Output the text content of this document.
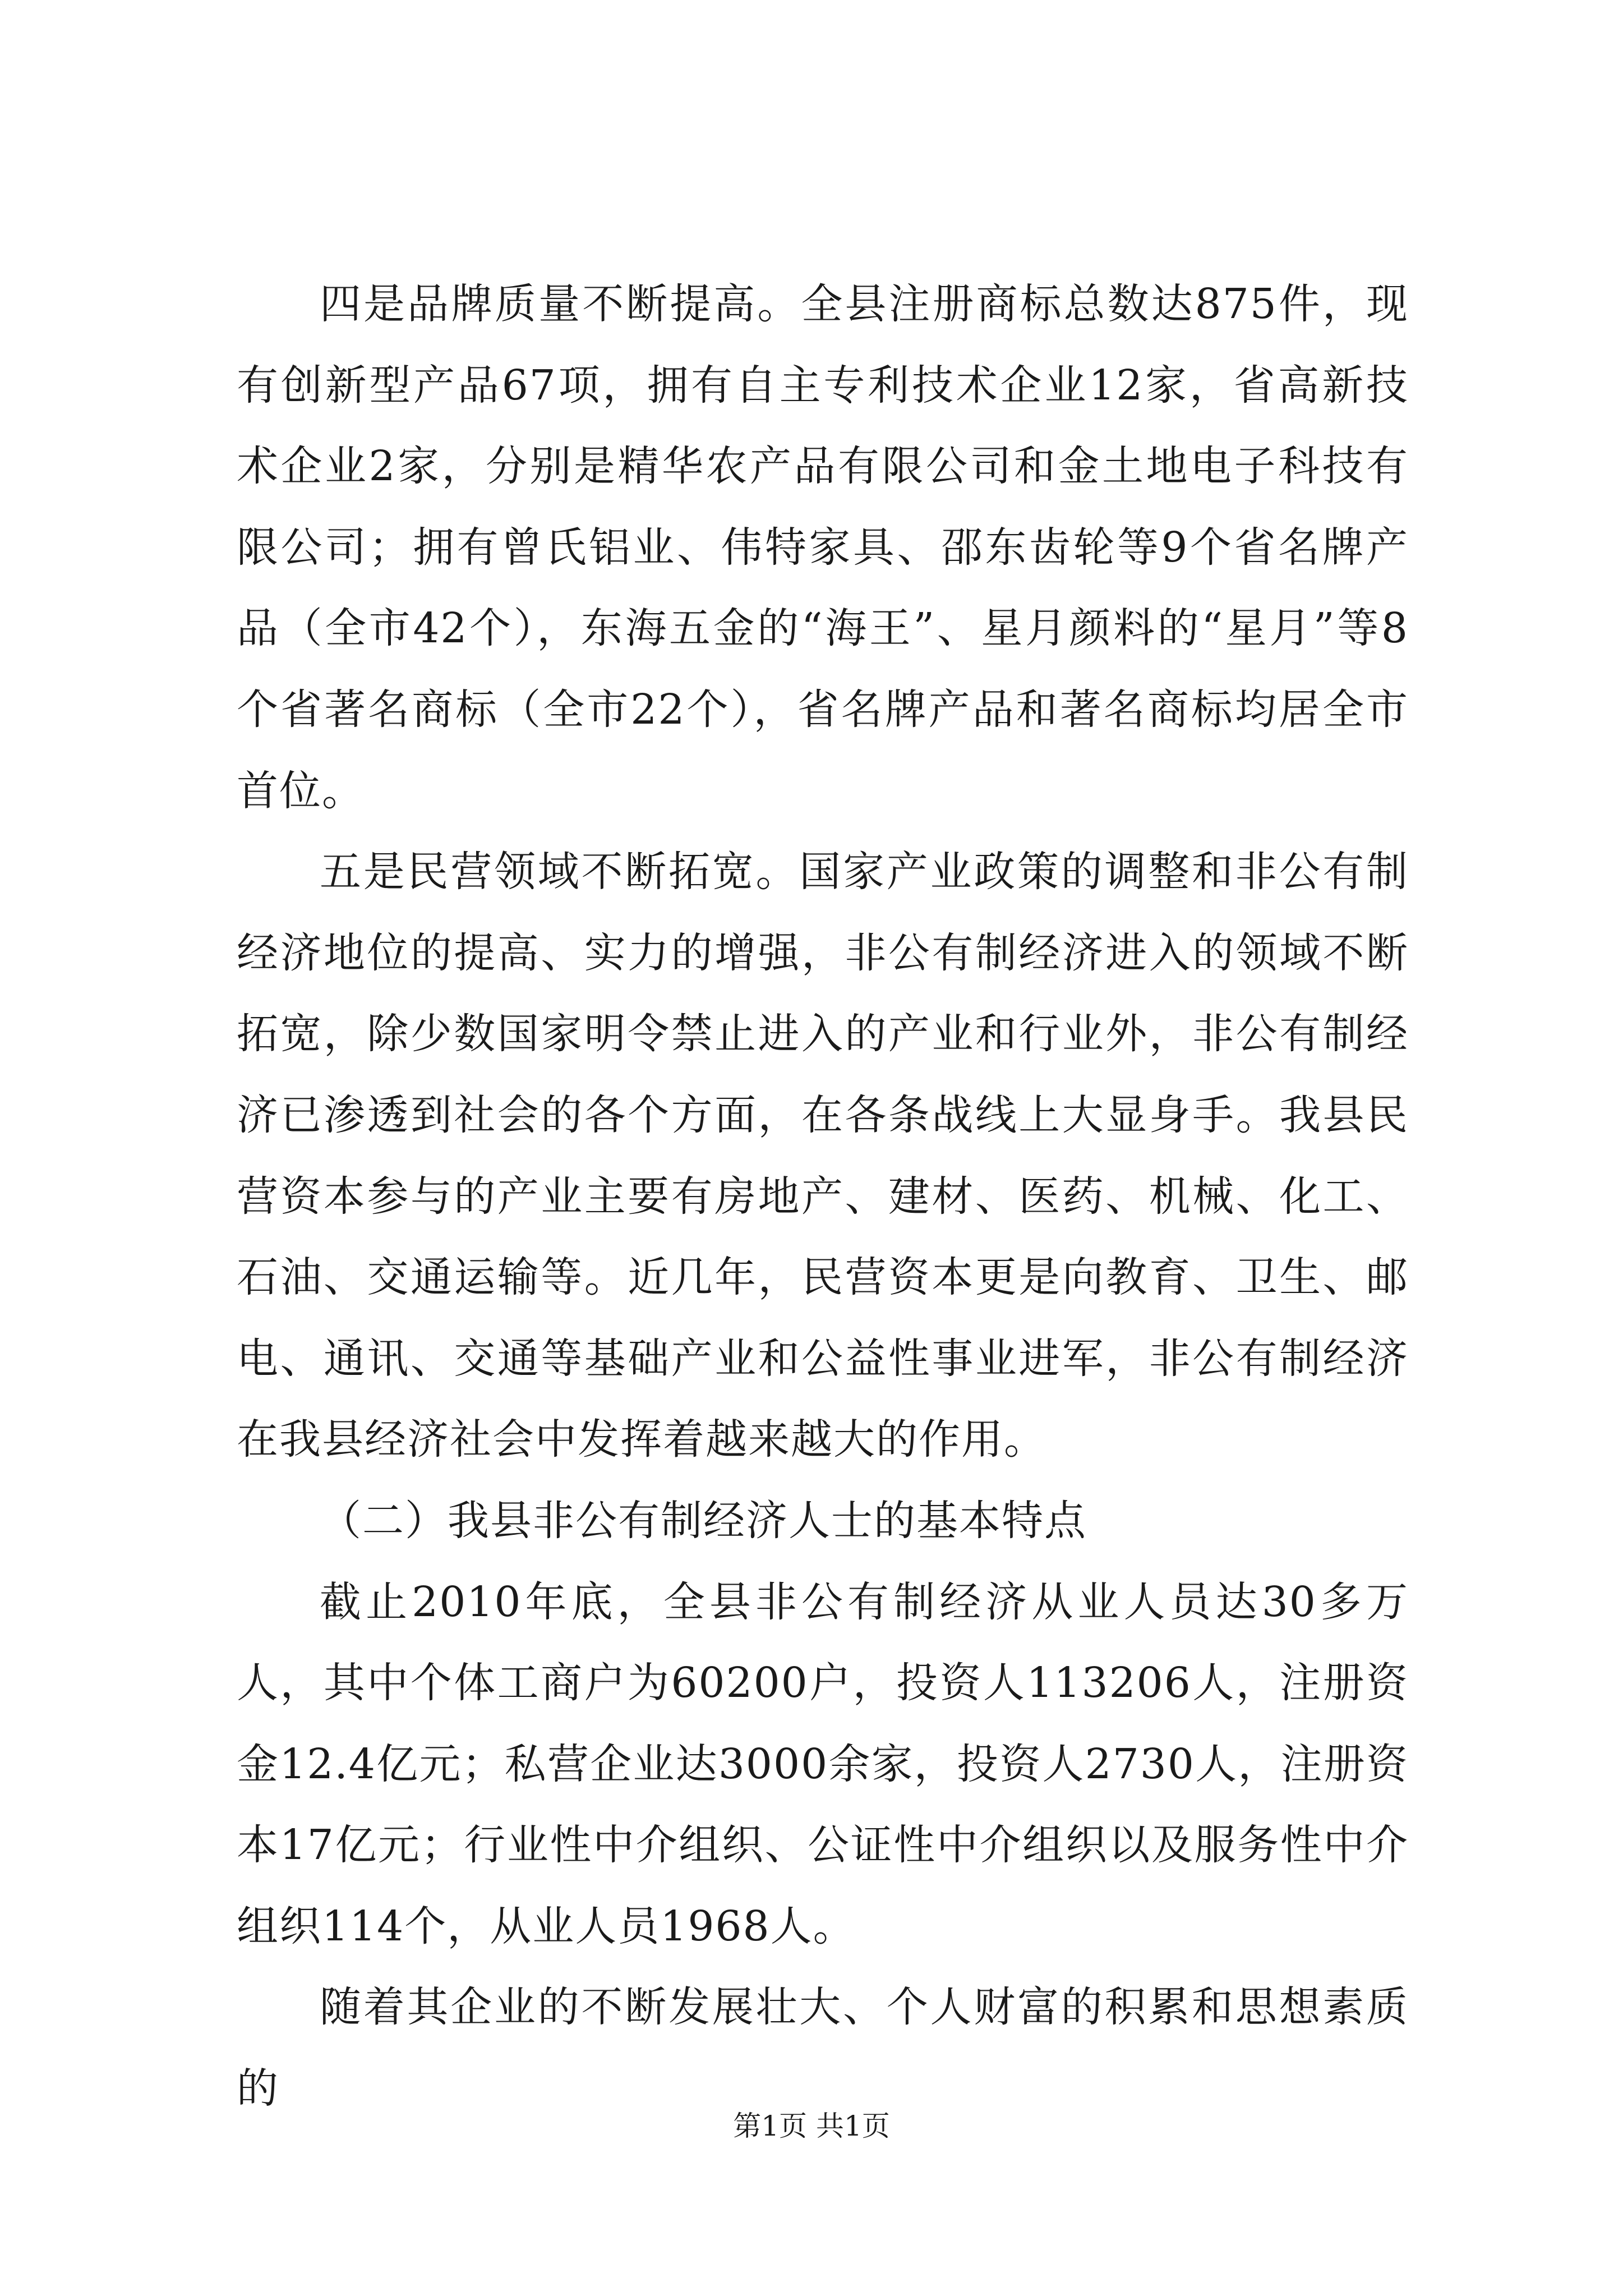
四是品牌质量不断提高。全县注册商标总数达875件，现有创新型产品67项，拥有自主专利技术企业12家，省高新技术企业2家，分别是精华农产品有限公司和金土地电子科技有限公司；拥有曾氏铝业、伟特家具、邵东齿轮等9个省名牌产品（全市42个），东海五金的“海王”、星月颜料的“星月”等8个省著名商标（全市22个），省名牌产品和著名商标均居全市首位。

五是民营领域不断拓宽。国家产业政策的调整和非公有制经济地位的提高、实力的增强，非公有制经济进入的领域不断拓宽，除少数国家明令禁止进入的产业和行业外，非公有制经济已渗透到社会的各个方面，在各条战线上大显身手。我县民营资本参与的产业主要有房地产、建材、医药、机械、化工、石油、交通运输等。近几年，民营资本更是向教育、卫生、邮电、通讯、交通等基础产业和公益性事业进军，非公有制经济在我县经济社会中发挥着越来越大的作用。

（二）我县非公有制经济人士的基本特点

截止2010年底，全县非公有制经济从业人员达30多万人，其中个体工商户为60200户，投资人113206人，注册资金12.4亿元；私营企业达3000余家，投资人2730人，注册资本17亿元；行业性中介组织、公证性中介组织以及服务性中介组织114个，从业人员1968人。

随着其企业的不断发展壮大、个人财富的积累和思想素质的

第1页 共1页
